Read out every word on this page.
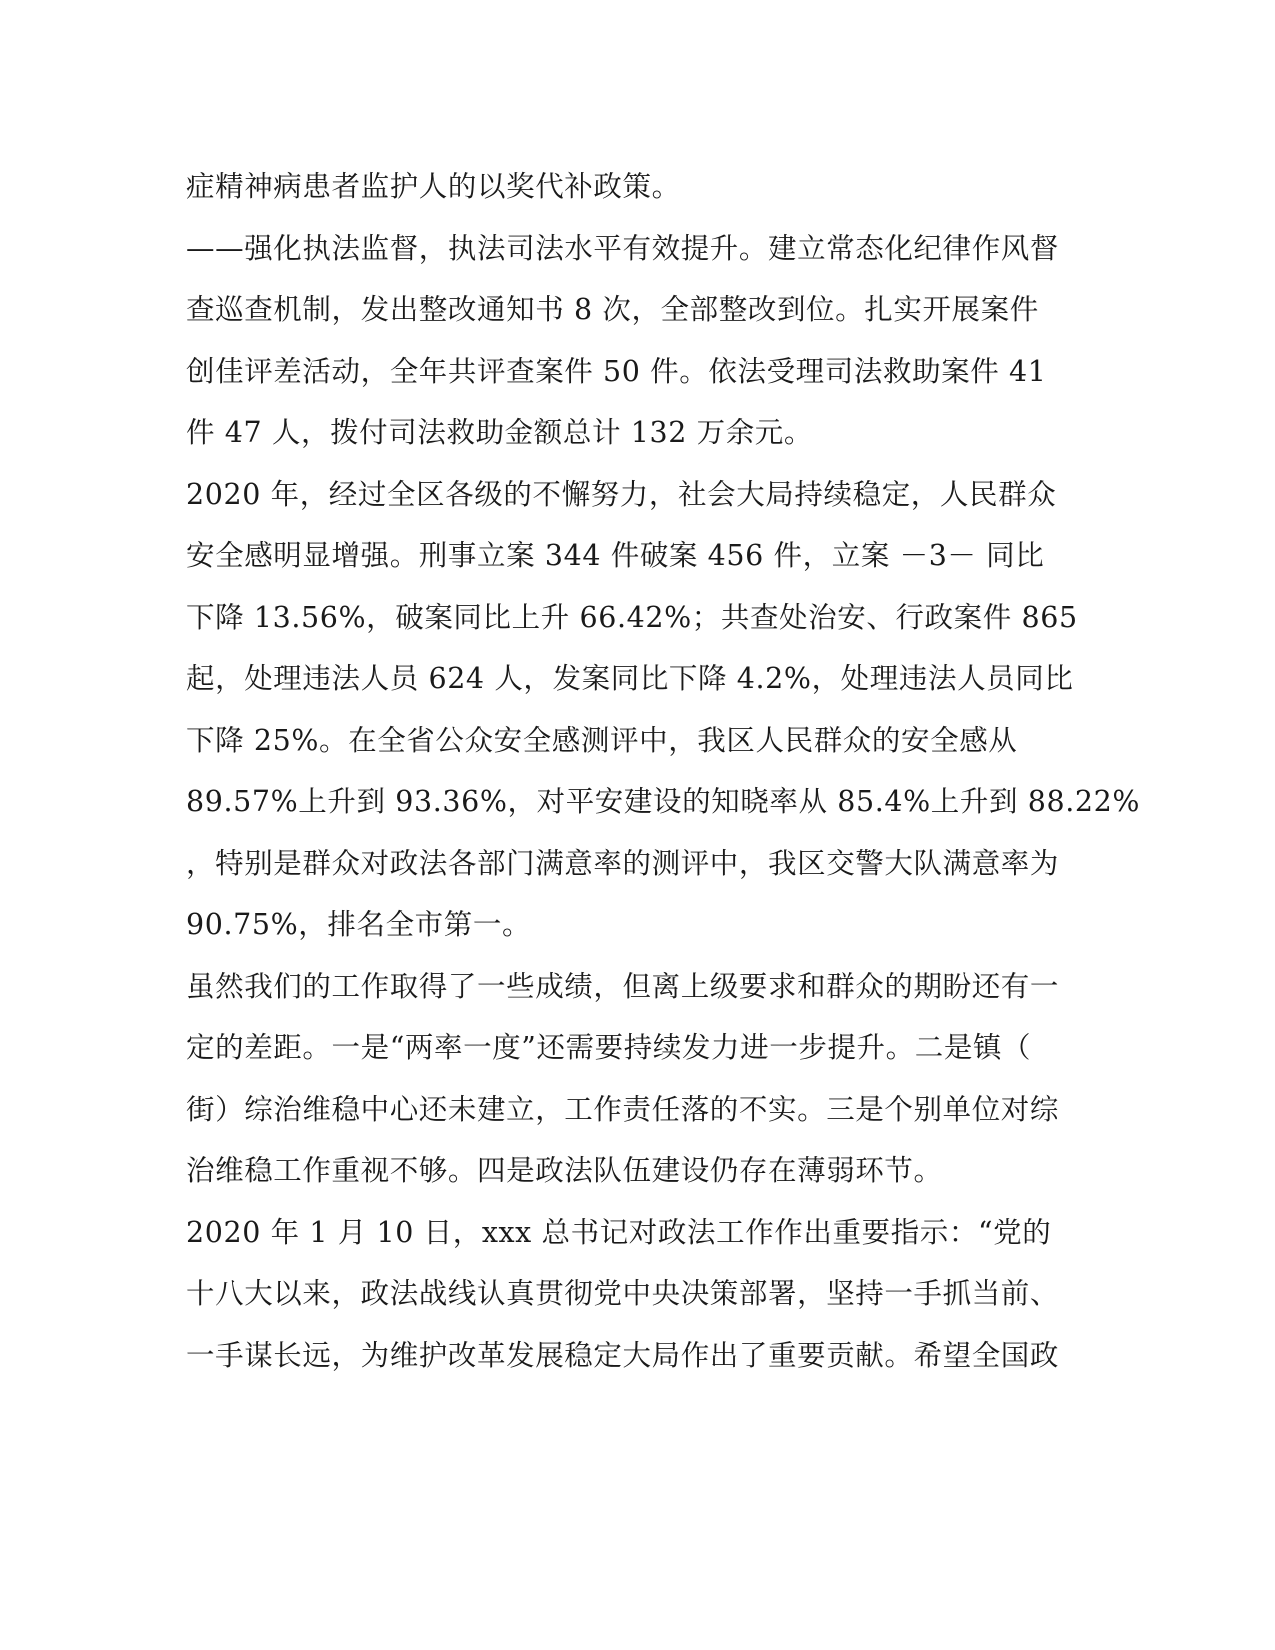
症精神病患者监护人的以奖代补政策。
——强化执法监督，执法司法水平有效提升。建立常态化纪律作风督
查巡查机制，发出整改通知书 8 次，全部整改到位。扎实开展案件
创佳评差活动，全年共评查案件 50 件。依法受理司法救助案件 41
件 47 人，拨付司法救助金额总计 132 万余元。
2020 年，经过全区各级的不懈努力，社会大局持续稳定，人民群众
安全感明显增强。刑事立案 344 件破案 456 件，立案 －3－ 同比
下降 13.56%，破案同比上升 66.42%；共查处治安、行政案件 865
起，处理违法人员 624 人，发案同比下降 4.2%，处理违法人员同比
下降 25%。在全省公众安全感测评中，我区人民群众的安全感从
89.57%上升到 93.36%，对平安建设的知晓率从 85.4%上升到 88.22%
，特别是群众对政法各部门满意率的测评中，我区交警大队满意率为
90.75%，排名全市第一。
虽然我们的工作取得了一些成绩，但离上级要求和群众的期盼还有一
定的差距。一是“两率一度”还需要持续发力进一步提升。二是镇（
街）综治维稳中心还未建立，工作责任落的不实。三是个别单位对综
治维稳工作重视不够。四是政法队伍建设仍存在薄弱环节。
2020 年 1 月 10 日，xxx 总书记对政法工作作出重要指示：“党的
十八大以来，政法战线认真贯彻党中央决策部署，坚持一手抓当前、
一手谋长远，为维护改革发展稳定大局作出了重要贡献。希望全国政
